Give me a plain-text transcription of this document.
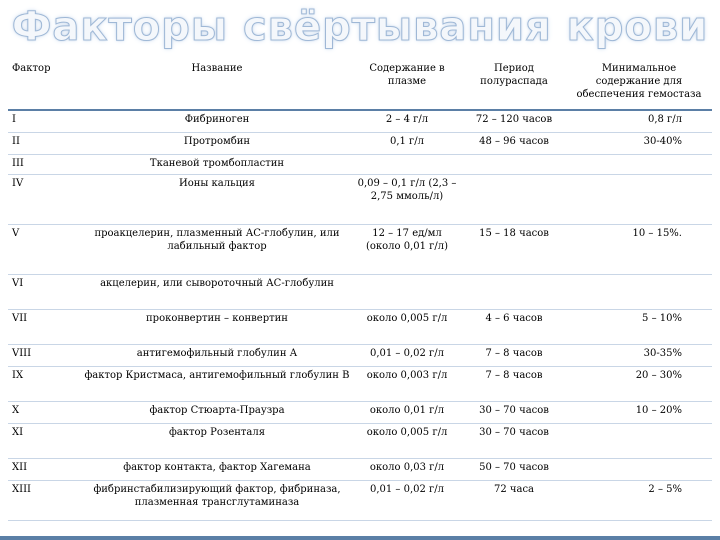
Факторы свёртывания крови
Фактор	Название	Содержание в плазме	Период полураспада	Минимальное содержание для обеспечения гемостаза
I	Фибриноген	2 – 4 г/л	72 – 120 часов	0,8 г/л
II	Протромбин	0,1 г/л	48 – 96 часов	30-40%
III	Тканевой тромбопластин			
IV	Ионы кальция	0,09 – 0,1 г/л (2,3 – 2,75 ммоль/л)		
V	проакцелерин, плазменный АС-глобулин, или лабильный фактор	12 – 17 ед/мл (около 0,01 г/л)	15 – 18 часов	10 – 15%.
VI	акцелерин, или сывороточный АС-глобулин			
VII	проконвертин – конвертин	около 0,005 г/л	4 – 6 часов	5 – 10%
VIII	антигемофильный глобулин А	0,01 – 0,02 г/л	7 – 8 часов	30-35%
IX	фактор Кристмаса, антигемофильный глобулин В	около 0,003 г/л	7 – 8 часов	20 – 30%
X	фактор Стюарта-Праузра	около 0,01 г/л	30 – 70 часов	10 – 20%
XI	фактор Розенталя	около 0,005 г/л	30 – 70 часов	
XII	фактор контакта, фактор Хагемана	около 0,03 г/л	50 – 70 часов	
XIII	фибринстабилизирующий фактор, фибриназа, плазменная трансглутаминаза	0,01 – 0,02 г/л	72 часа	2 – 5%
